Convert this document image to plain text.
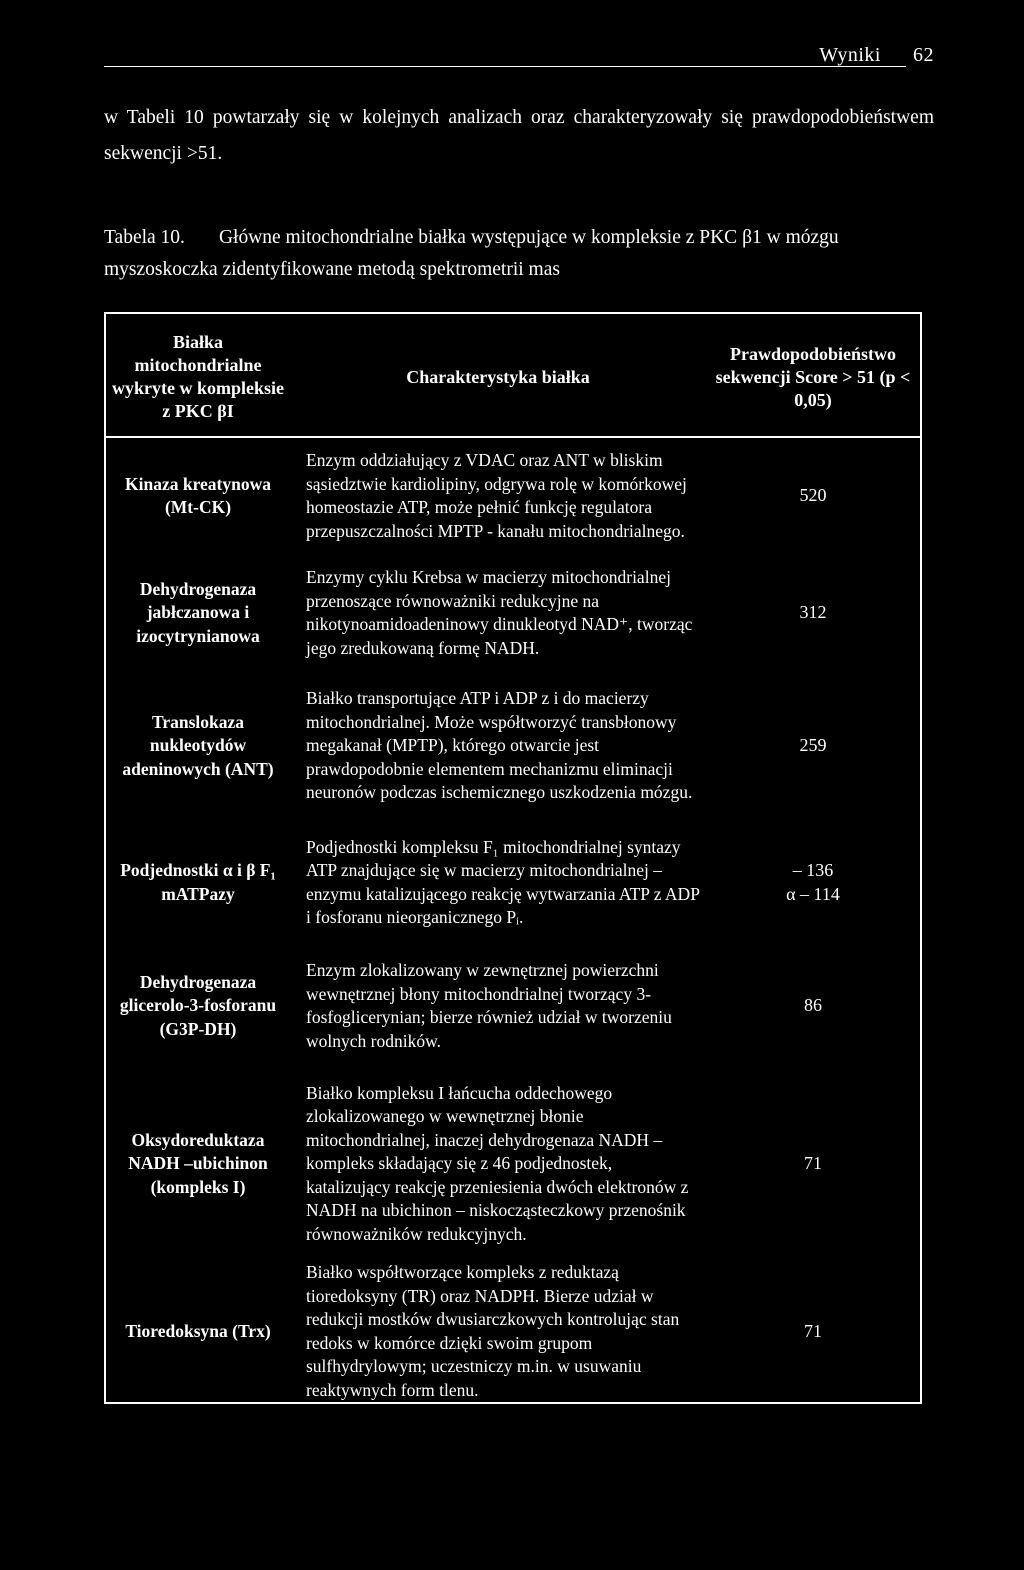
Wyniki 62
w Tabeli 10 powtarzały się w kolejnych analizach oraz charakteryzowały się prawdopodobieństwem sekwencji >51.
Tabela 10. Główne mitochondrialne białka występujące w kompleksie z PKC β1 w mózgu myszoskoczka zidentyfikowane metodą spektrometrii mas
Białka mitochondrialne wykryte w kompleksie z PKC βI	Charakterystyka białka	Prawdopodobieństwo sekwencji Score > 51 (p < 0,05)
Kinaza kreatynowa (Mt-CK)	Enzym oddziałujący z VDAC oraz ANT w bliskim sąsiedztwie kardiolipiny, odgrywa rolę w komórkowej homeostazie ATP, może pełnić funkcję regulatora przepuszczalności MPTP - kanału mitochondrialnego.	520
Dehydrogenaza jabłczanowa i izocytrynianowa	Enzymy cyklu Krebsa w macierzy mitochondrialnej przenoszące równoważniki redukcyjne na nikotynoamidoadeninowy dinukleotyd NAD⁺, tworząc jego zredukowaną formę NADH.	312
Translokaza nukleotydów adeninowych (ANT)	Białko transportujące ATP i ADP z i do macierzy mitochondrialnej. Może współtworzyć transbłonowy megakanał (MPTP), którego otwarcie jest prawdopodobnie elementem mechanizmu eliminacji neuronów podczas ischemicznego uszkodzenia mózgu.	259
Podjednostki α i β F₁ mATPazy	Podjednostki kompleksu F₁ mitochondrialnej syntazy ATP znajdujące się w macierzy mitochondrialnej – enzymu katalizującego reakcję wytwarzania ATP z ADP i fosforanu nieorganicznego Pᵢ.	– 136
α – 114
Dehydrogenaza glicerolo-3-fosforanu (G3P-DH)	Enzym zlokalizowany w zewnętrznej powierzchni wewnętrznej błony mitochondrialnej tworzący 3-fosfoglicerynian; bierze również udział w tworzeniu wolnych rodników.	86
Oksydoreduktaza NADH –ubichinon (kompleks I)	Białko kompleksu I łańcucha oddechowego zlokalizowanego w wewnętrznej błonie mitochondrialnej, inaczej dehydrogenaza NADH – kompleks składający się z 46 podjednostek, katalizujący reakcję przeniesienia dwóch elektronów z NADH na ubichinon – niskocząsteczkowy przenośnik równoważników redukcyjnych.	71
Tioredoksyna (Trx)	Białko współtworzące kompleks z reduktazą tioredoksyny (TR) oraz NADPH. Bierze udział w redukcji mostków dwusiarczkowych kontrolując stan redoks w komórce dzięki swoim grupom sulfhydrylowym; uczestniczy m.in. w usuwaniu reaktywnych form tlenu.	71
